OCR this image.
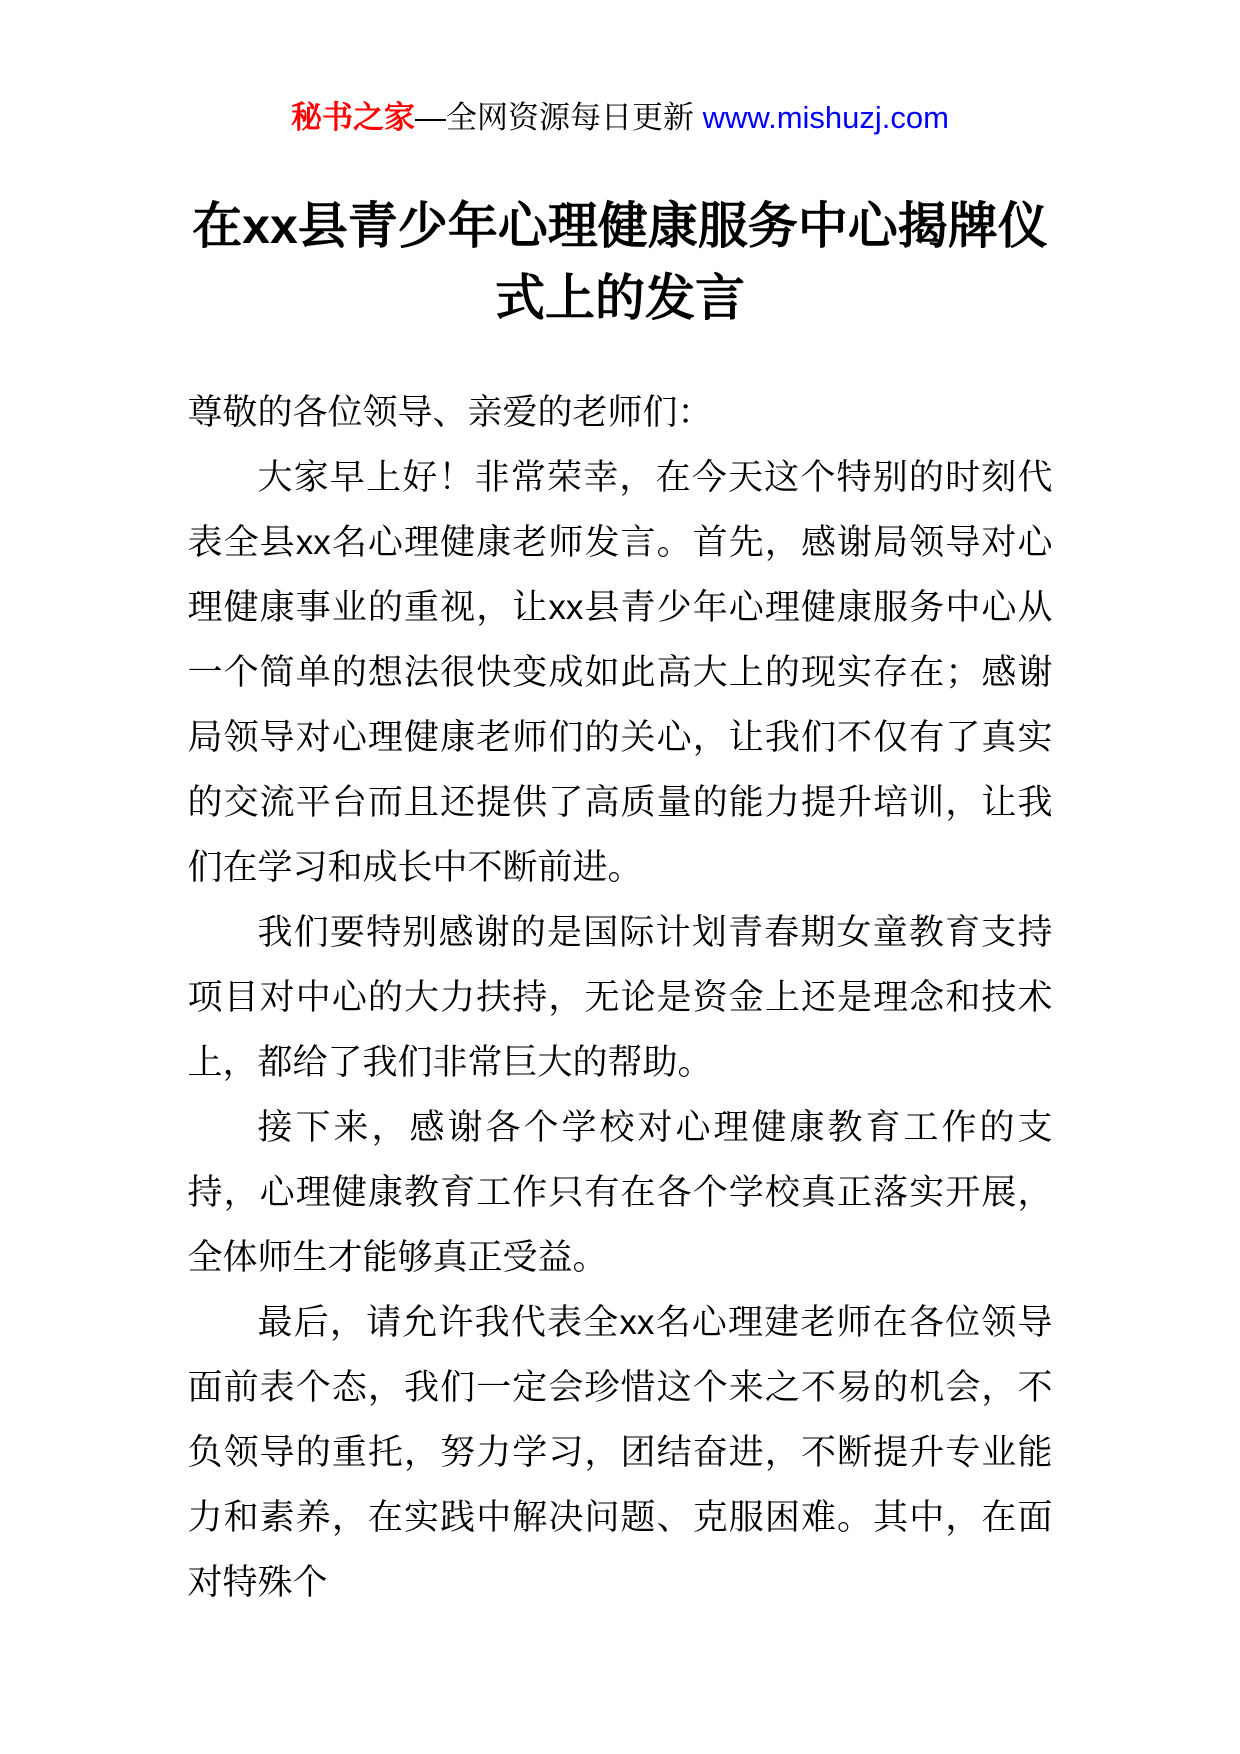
秘书之家—全网资源每日更新 www.mishuzj.com
在xx县青少年心理健康服务中心揭牌仪式上的发言

尊敬的各位领导、亲爱的老师们：

大家早上好！非常荣幸，在今天这个特别的时刻代表全县xx名心理健康老师发言。首先，感谢局领导对心理健康事业的重视，让xx县青少年心理健康服务中心从一个简单的想法很快变成如此高大上的现实存在；感谢局领导对心理健康老师们的关心，让我们不仅有了真实的交流平台而且还提供了高质量的能力提升培训，让我们在学习和成长中不断前进。

我们要特别感谢的是国际计划青春期女童教育支持项目对中心的大力扶持，无论是资金上还是理念和技术上，都给了我们非常巨大的帮助。

接下来，感谢各个学校对心理健康教育工作的支持，心理健康教育工作只有在各个学校真正落实开展，全体师生才能够真正受益。

最后，请允许我代表全xx名心理建老师在各位领导面前表个态，我们一定会珍惜这个来之不易的机会，不负领导的重托，努力学习，团结奋进，不断提升专业能力和素养，在实践中解决问题、克服困难。其中，在面对特殊个
